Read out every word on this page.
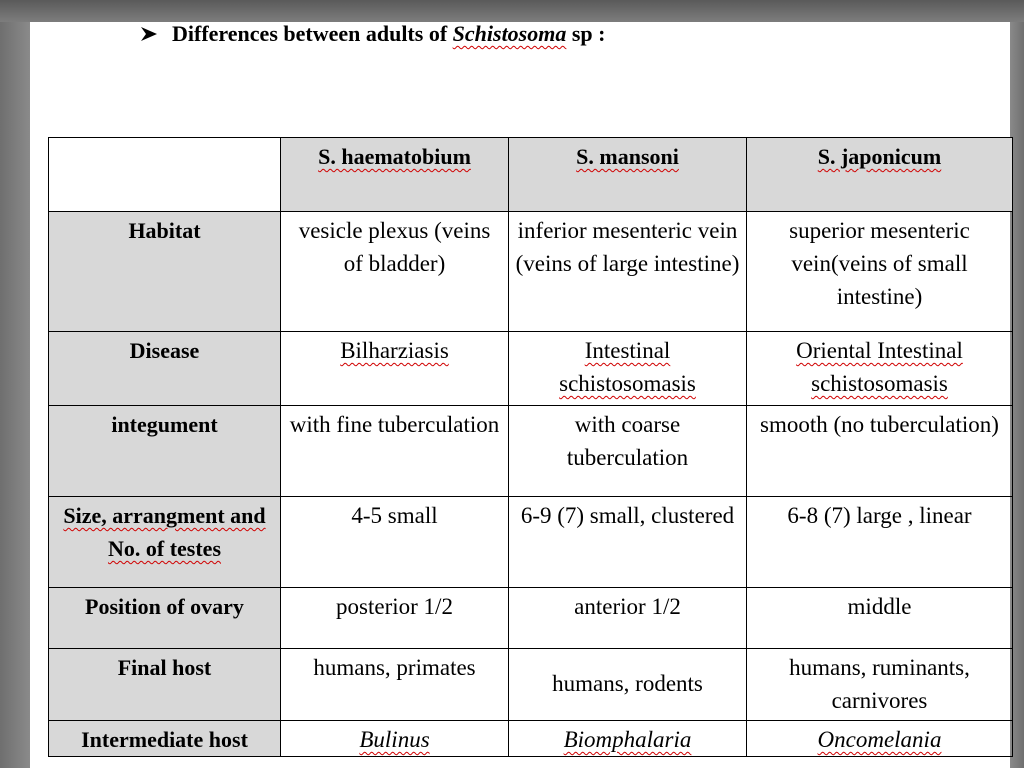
Differences between adults of Schistosoma sp :
	S. haematobium	S. mansoni	S. japonicum
Habitat	vesicle plexus (veins of bladder)	inferior mesenteric vein (veins of large intestine)	superior mesenteric vein(veins of small intestine)
Disease	Bilharziasis	Intestinal schistosomasis	Oriental Intestinal schistosomasis
integument	with fine tuberculation	with coarse tuberculation	smooth (no tuberculation)
Size, arrangment and No. of testes	4-5 small	6-9 (7) small, clustered	6-8 (7) large , linear
Position of ovary	posterior 1/2	anterior 1/2	middle
Final host	humans, primates	humans, rodents	humans, ruminants, carnivores
Intermediate host	Bulinus	Biomphalaria	Oncomelania
